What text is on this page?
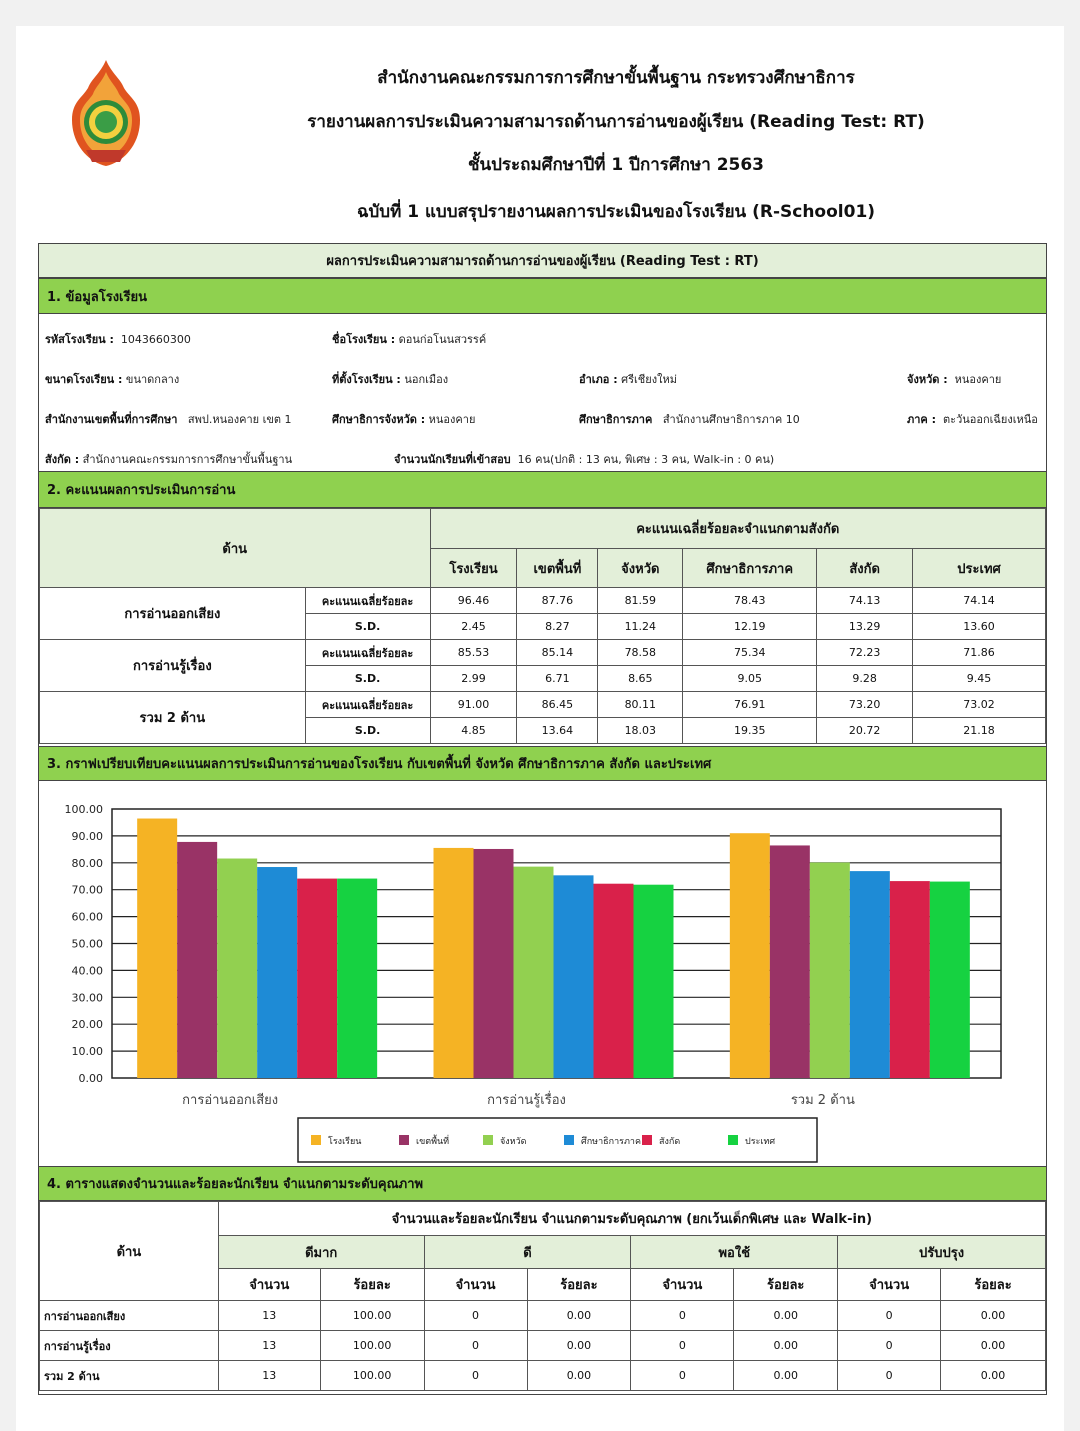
สำนักงานคณะกรรมการการศึกษาขั้นพื้นฐาน กระทรวงศึกษาธิการ
รายงานผลการประเมินความสามารถด้านการอ่านของผู้เรียน (Reading Test: RT)
ชั้นประถมศึกษาปีที่ 1 ปีการศึกษา 2563
ฉบับที่ 1 แบบสรุปรายงานผลการประเมินของโรงเรียน (R-School01)
ผลการประเมินความสามารถด้านการอ่านของผู้เรียน (Reading Test : RT)
1. ข้อมูลโรงเรียน
รหัสโรงเรียน : 1043660300	ชื่อโรงเรียน : ดอนก่อโนนสวรรค์
ขนาดโรงเรียน : ขนาดกลาง	ที่ตั้งโรงเรียน : นอกเมือง	อำเภอ : ศรีเชียงใหม่	จังหวัด : หนองคาย
สำนักงานเขตพื้นที่การศึกษา สพป.หนองคาย เขต 1	ศึกษาธิการจังหวัด : หนองคาย	ศึกษาธิการภาค สำนักงานศึกษาธิการภาค 10	ภาค : ตะวันออกเฉียงเหนือ
สังกัด : สำนักงานคณะกรรมการการศึกษาขั้นพื้นฐาน	จำนวนนักเรียนที่เข้าสอบ 16 คน(ปกติ : 13 คน, พิเศษ : 3 คน, Walk-in : 0 คน)
2. คะแนนผลการประเมินการอ่าน
ด้าน		คะแนนเฉลี่ยร้อยละจำแนกตามสังกัด					
		โรงเรียน	เขตพื้นที่	จังหวัด	ศึกษาธิการภาค	สังกัด	ประเทศ
การอ่านออกเสียง	คะแนนเฉลี่ยร้อยละ	96.46	87.76	81.59	78.43	74.13	74.14
	S.D.	2.45	8.27	11.24	12.19	13.29	13.60
การอ่านรู้เรื่อง	คะแนนเฉลี่ยร้อยละ	85.53	85.14	78.58	75.34	72.23	71.86
	S.D.	2.99	6.71	8.65	9.05	9.28	9.45
รวม 2 ด้าน	คะแนนเฉลี่ยร้อยละ	91.00	86.45	80.11	76.91	73.20	73.02
	S.D.	4.85	13.64	18.03	19.35	20.72	21.18
3. กราฟเปรียบเทียบคะแนนผลการประเมินการอ่านของโรงเรียน กับเขตพื้นที่ จังหวัด ศึกษาธิการภาค สังกัด และประเทศ
0.00
10.00
20.00
30.00
40.00
50.00
60.00
70.00
80.00
90.00
100.00
การอ่านออกเสียง	การอ่านรู้เรื่อง	รวม 2 ด้าน
โรงเรียน	เขตพื้นที่	จังหวัด	ศึกษาธิการภาค สังกัด	ประเทศ
4. ตารางแสดงจำนวนและร้อยละนักเรียน จำแนกตามระดับคุณภาพ
ด้าน	จำนวนและร้อยละนักเรียน จำแนกตามระดับคุณภาพ (ยกเว้นเด็กพิเศษ และ Walk-in)							
	ดีมาก		ดี		พอใช้		ปรับปรุง	
	จำนวน	ร้อยละ	จำนวน	ร้อยละ	จำนวน	ร้อยละ	จำนวน	ร้อยละ
การอ่านออกเสียง	13	100.00	0	0.00	0	0.00	0	0.00
การอ่านรู้เรื่อง	13	100.00	0	0.00	0	0.00	0	0.00
รวม 2 ด้าน	13	100.00	0	0.00	0	0.00	0	0.00
